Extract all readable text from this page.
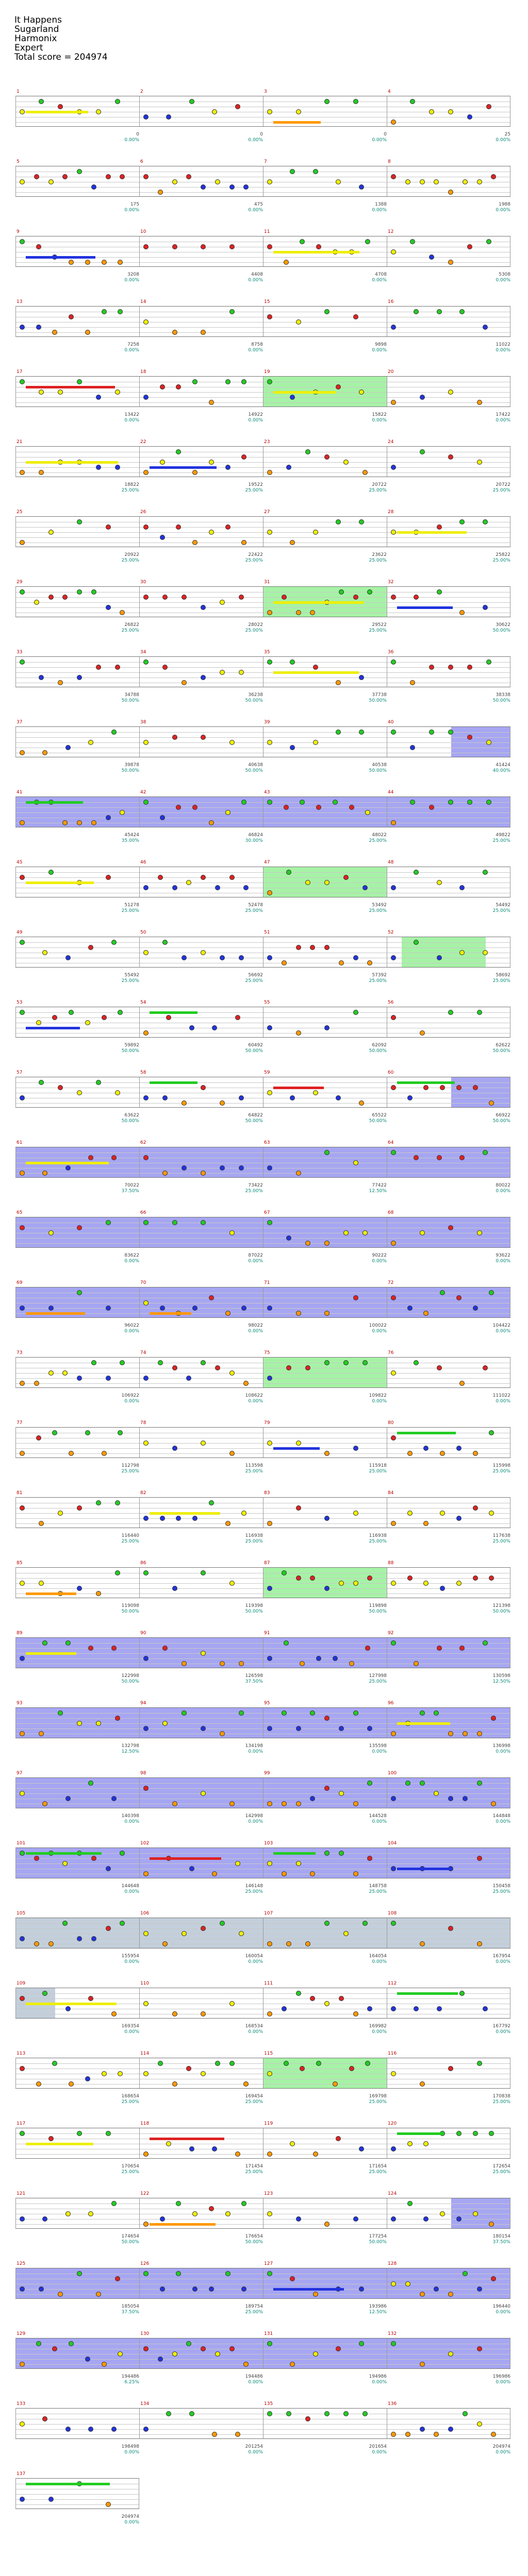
It Happens
Sugarland
Harmonix
Expert
Total score = 204974
1	2	3	4
0
0.00%
0
0.00%
0
0.00%
25
0.00%
5	6	7	8
175
0.00%
475
0.00%
1388
0.00%
1988
0.00%
9	10	11	12
3208
0.00%
4408
0.00%
4708
0.00%
5308
0.00%
13	14	15	16
7258
0.00%
8758
0.00%
9898
0.00%
11022
0.00%
17	18	19	20
13422
0.00%
14922
0.00%
15822
0.00%
17422
0.00%
21	22	23	24
18822
25.00%
19522
25.00%
20722
25.00%
20722
25.00%
25	26	27	28
20922
25.00%
22422
25.00%
23622
25.00%
25822
25.00%
29	30	31	32
26822
25.00%
28022
25.00%
29522
25.00%
30622
50.00%
33	34	35	36
34788
50.00%
36238
50.00%
37738
50.00%
38338
50.00%
37	38	39	40
39878
50.00%
40638
50.00%
40538
50.00%
41424
40.00%
41	42	43	44
45424
35.00%
46824
30.00%
48022
25.00%
49822
25.00%
45	46	47	48
51278
25.00%
52478
25.00%
53492
25.00%
54492
25.00%
49	50	51	52
55492
25.00%
56692
25.00%
57392
25.00%
58692
25.00%
53	54	55	56
59892
50.00%
60492
50.00%
62092
50.00%
62622
50.00%
57	58	59	60
63622
50.00%
64822
50.00%
65522
50.00%
66922
50.00%
61	62	63	64
70022
37.50%
73422
25.00%
77422
12.50%
80022
0.00%
65	66	67	68
83622
0.00%
87022
0.00%
90222
0.00%
93622
0.00%
69	70	71	72
96022
0.00%
98022
0.00%
100022
0.00%
104422
0.00%
73	74	75	76
106922
0.00%
108622
0.00%
109822
0.00%
111022
0.00%
77	78	79	80
112798
25.00%
113598
25.00%
115918
25.00%
115998
25.00%
81	82	83	84
116440
25.00%
116938
25.00%
116938
25.00%
117638
25.00%
85	86	87	88
119098
50.00%
119398
50.00%
119898
50.00%
121398
50.00%
89	90	91	92
122998
50.00%
126598
37.50%
127998
25.00%
130598
12.50%
93	94	95	96
132798
12.50%
134198
0.00%
135598
0.00%
136998
0.00%
97	98	99	100
140398
0.00%
142998
0.00%
144528
0.00%
144848
0.00%
101	102	103	104
144648
0.00%
146148
25.00%
148758
25.00%
150458
25.00%
105	106	107	108
155954
0.00%
160054
0.00%
164054
0.00%
167954
0.00%
109	110	111	112
169354
0.00%
168534
0.00%
169982
0.00%
167792
0.00%
113	114	115	116
168654
25.00%
169454
25.00%
169798
25.00%
170838
25.00%
117	118	119	120
170654
25.00%
171454
25.00%
171654
25.00%
172654
25.00%
121	122	123	124
174654
50.00%
176654
50.00%
177254
50.00%
180154
37.50%
125	126	127	128
185054
37.50%
189754
25.00%
193986
12.50%
196440
0.00%
129	130	131	132
194486
6.25%
194486
0.00%
194986
0.00%
196986
0.00%
133	134	135	136
198498
0.00%
201254
0.00%
201654
0.00%
204974
0.00%
137
204974
0.00%
